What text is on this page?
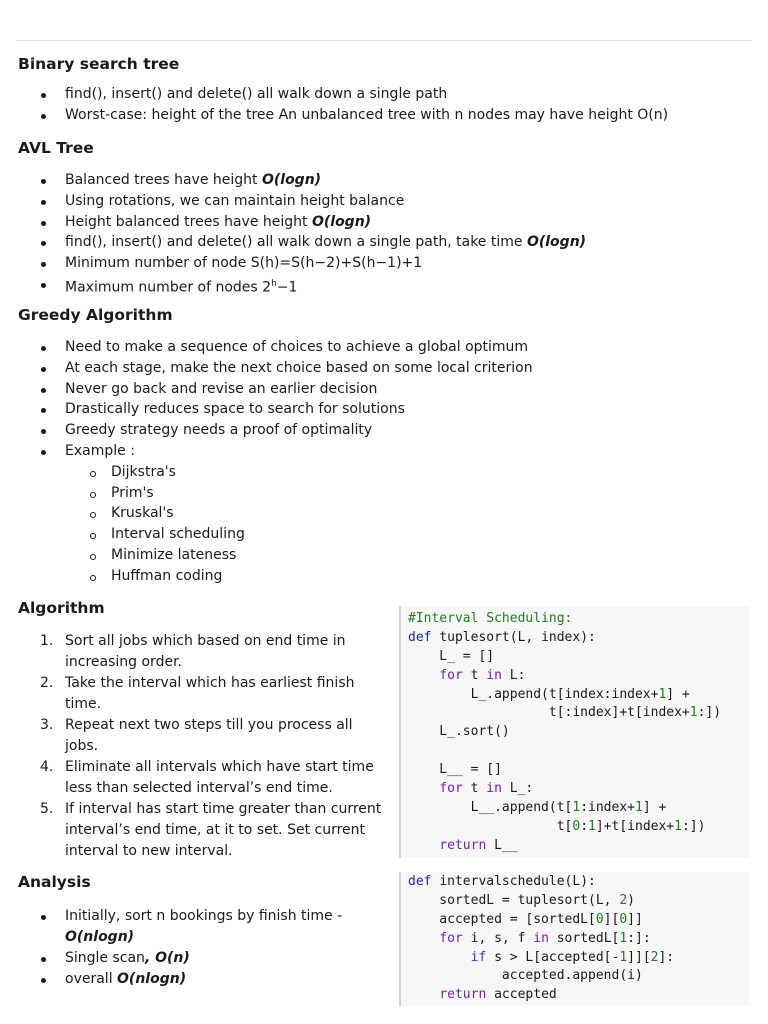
Binary search tree
find(), insert() and delete() all walk down a single path
Worst-case: height of the tree An unbalanced tree with n nodes may have height O(n)
AVL Tree
Balanced trees have height O(logn)
Using rotations, we can maintain height balance
Height balanced trees have height O(logn)
find(), insert() and delete() all walk down a single path, take time O(logn)
Minimum number of node S(h)=S(h−2)+S(h−1)+1
Maximum number of nodes $2^h-1$
Greedy Algorithm
Need to make a sequence of choices to achieve a global optimum
At each stage, make the next choice based on some local criterion
Never go back and revise an earlier decision
Drastically reduces space to search for solutions
Greedy strategy needs a proof of optimality
Example :
Dijkstra's
Prim's
Kruskal's
Interval scheduling
Minimize lateness
Huffman coding
Algorithm
1. Sort all jobs which based on end time in increasing order.
2. Take the interval which has earliest finish time.
3. Repeat next two steps till you process all jobs.
4. Eliminate all intervals which have start time less than selected interval’s end time.
5. If interval has start time greater than current interval’s end time, at it to set. Set current interval to new interval.
Analysis
Initially, sort n bookings by finish time - O(nlogn)
Single scan, O(n)
overall O(nlogn)
#Interval Scheduling:
def tuplesort(L, index):
L_ = []
for t in L:
L_.append(t[index:index+1] +
t[:index]+t[index+1:])
L_.sort()
L__ = []
for t in L_:
L__.append(t[1:index+1] +
t[0:1]+t[index+1:])
return L__
def intervalschedule(L):
sortedL = tuplesort(L, 2)
accepted = [sortedL[0][0]]
for i, s, f in sortedL[1:]:
if s > L[accepted[-1]][2]:
accepted.append(i)
return accepted
